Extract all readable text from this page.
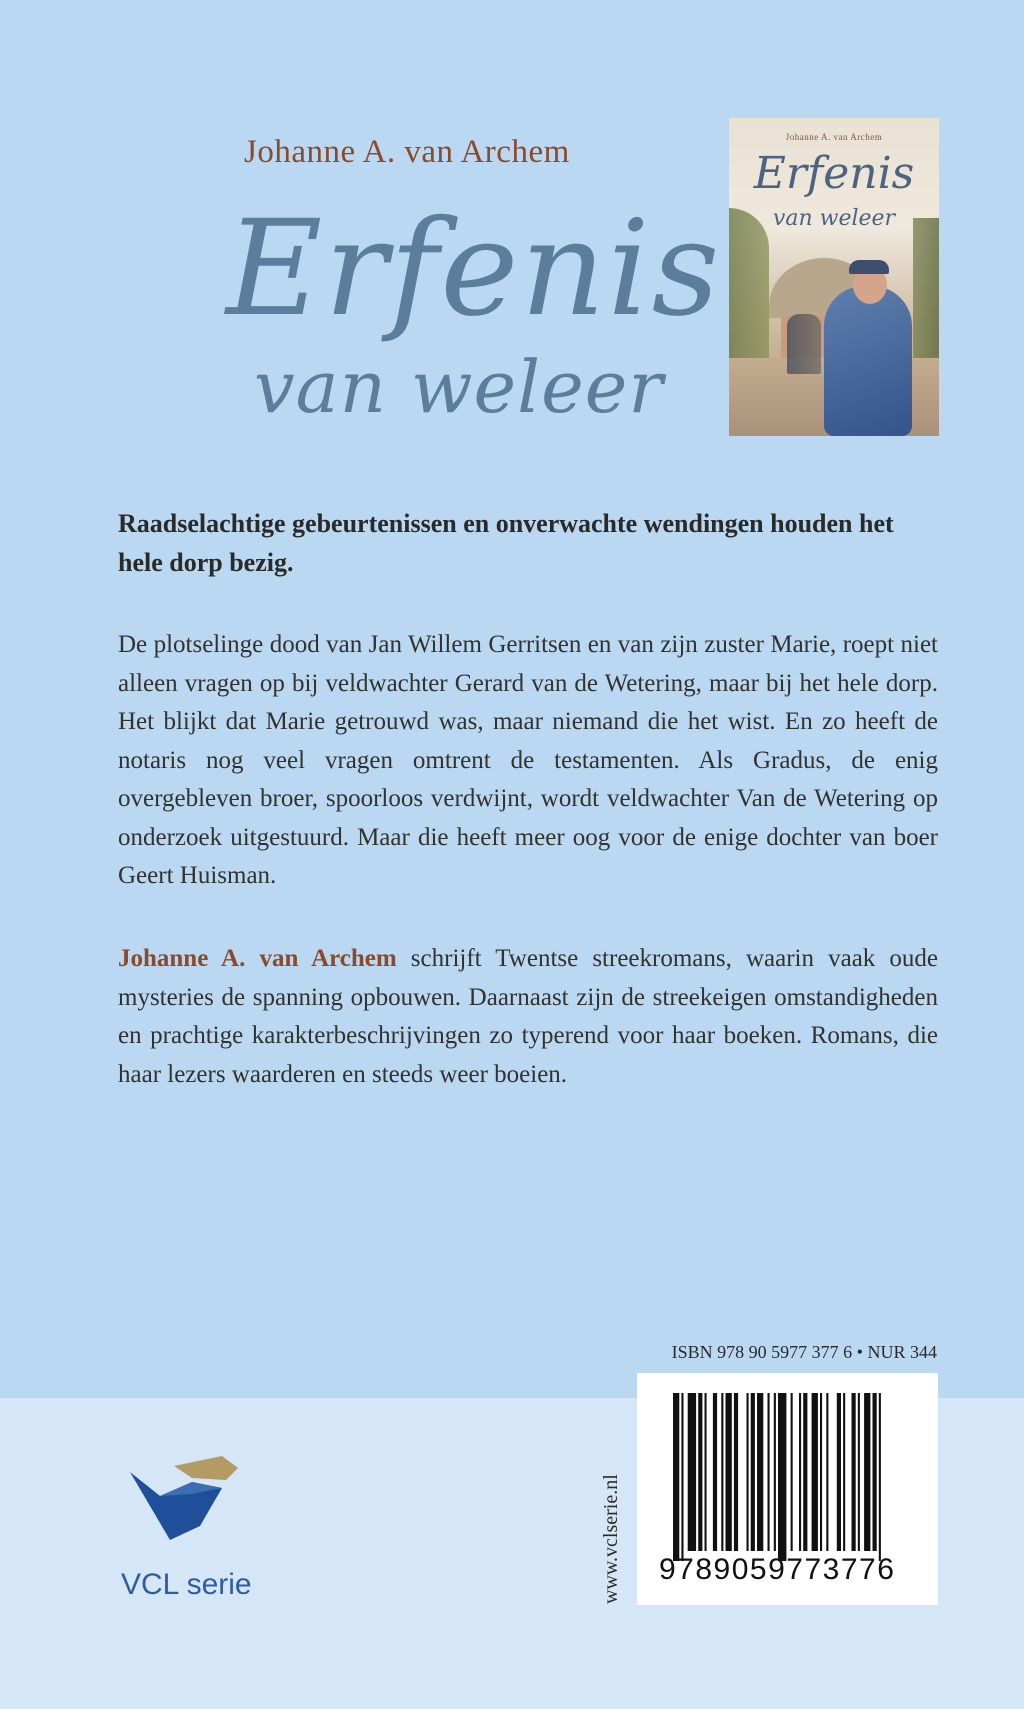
Johanne A. van Archem
Erfenis
van weleer
Johanne A. van Archem
Erfenis
van weleer
Raadselachtige gebeurtenissen en onverwachte wendingen houden het hele dorp bezig.
De plotselinge dood van Jan Willem Gerritsen en van zijn zuster Marie, roept niet alleen vragen op bij veldwachter Gerard van de Wetering, maar bij het hele dorp. Het blijkt dat Marie getrouwd was, maar niemand die het wist. En zo heeft de notaris nog veel vragen omtrent de testamenten. Als Gradus, de enig overgebleven broer, spoorloos verdwijnt, wordt veldwachter Van de Wetering op onderzoek uitgestuurd. Maar die heeft meer oog voor de enige dochter van boer Geert Huisman.
Johanne A. van Archem schrijft Twentse streekromans, waarin vaak oude mysteries de spanning opbouwen. Daarnaast zijn de streekeigen omstandigheden en prachtige karakterbeschrijvingen zo typerend voor haar boeken. Romans, die haar lezers waarderen en steeds weer boeien.
ISBN 978 90 5977 377 6 • NUR 344
9789059773776
www.vclserie.nl
VCL serie
